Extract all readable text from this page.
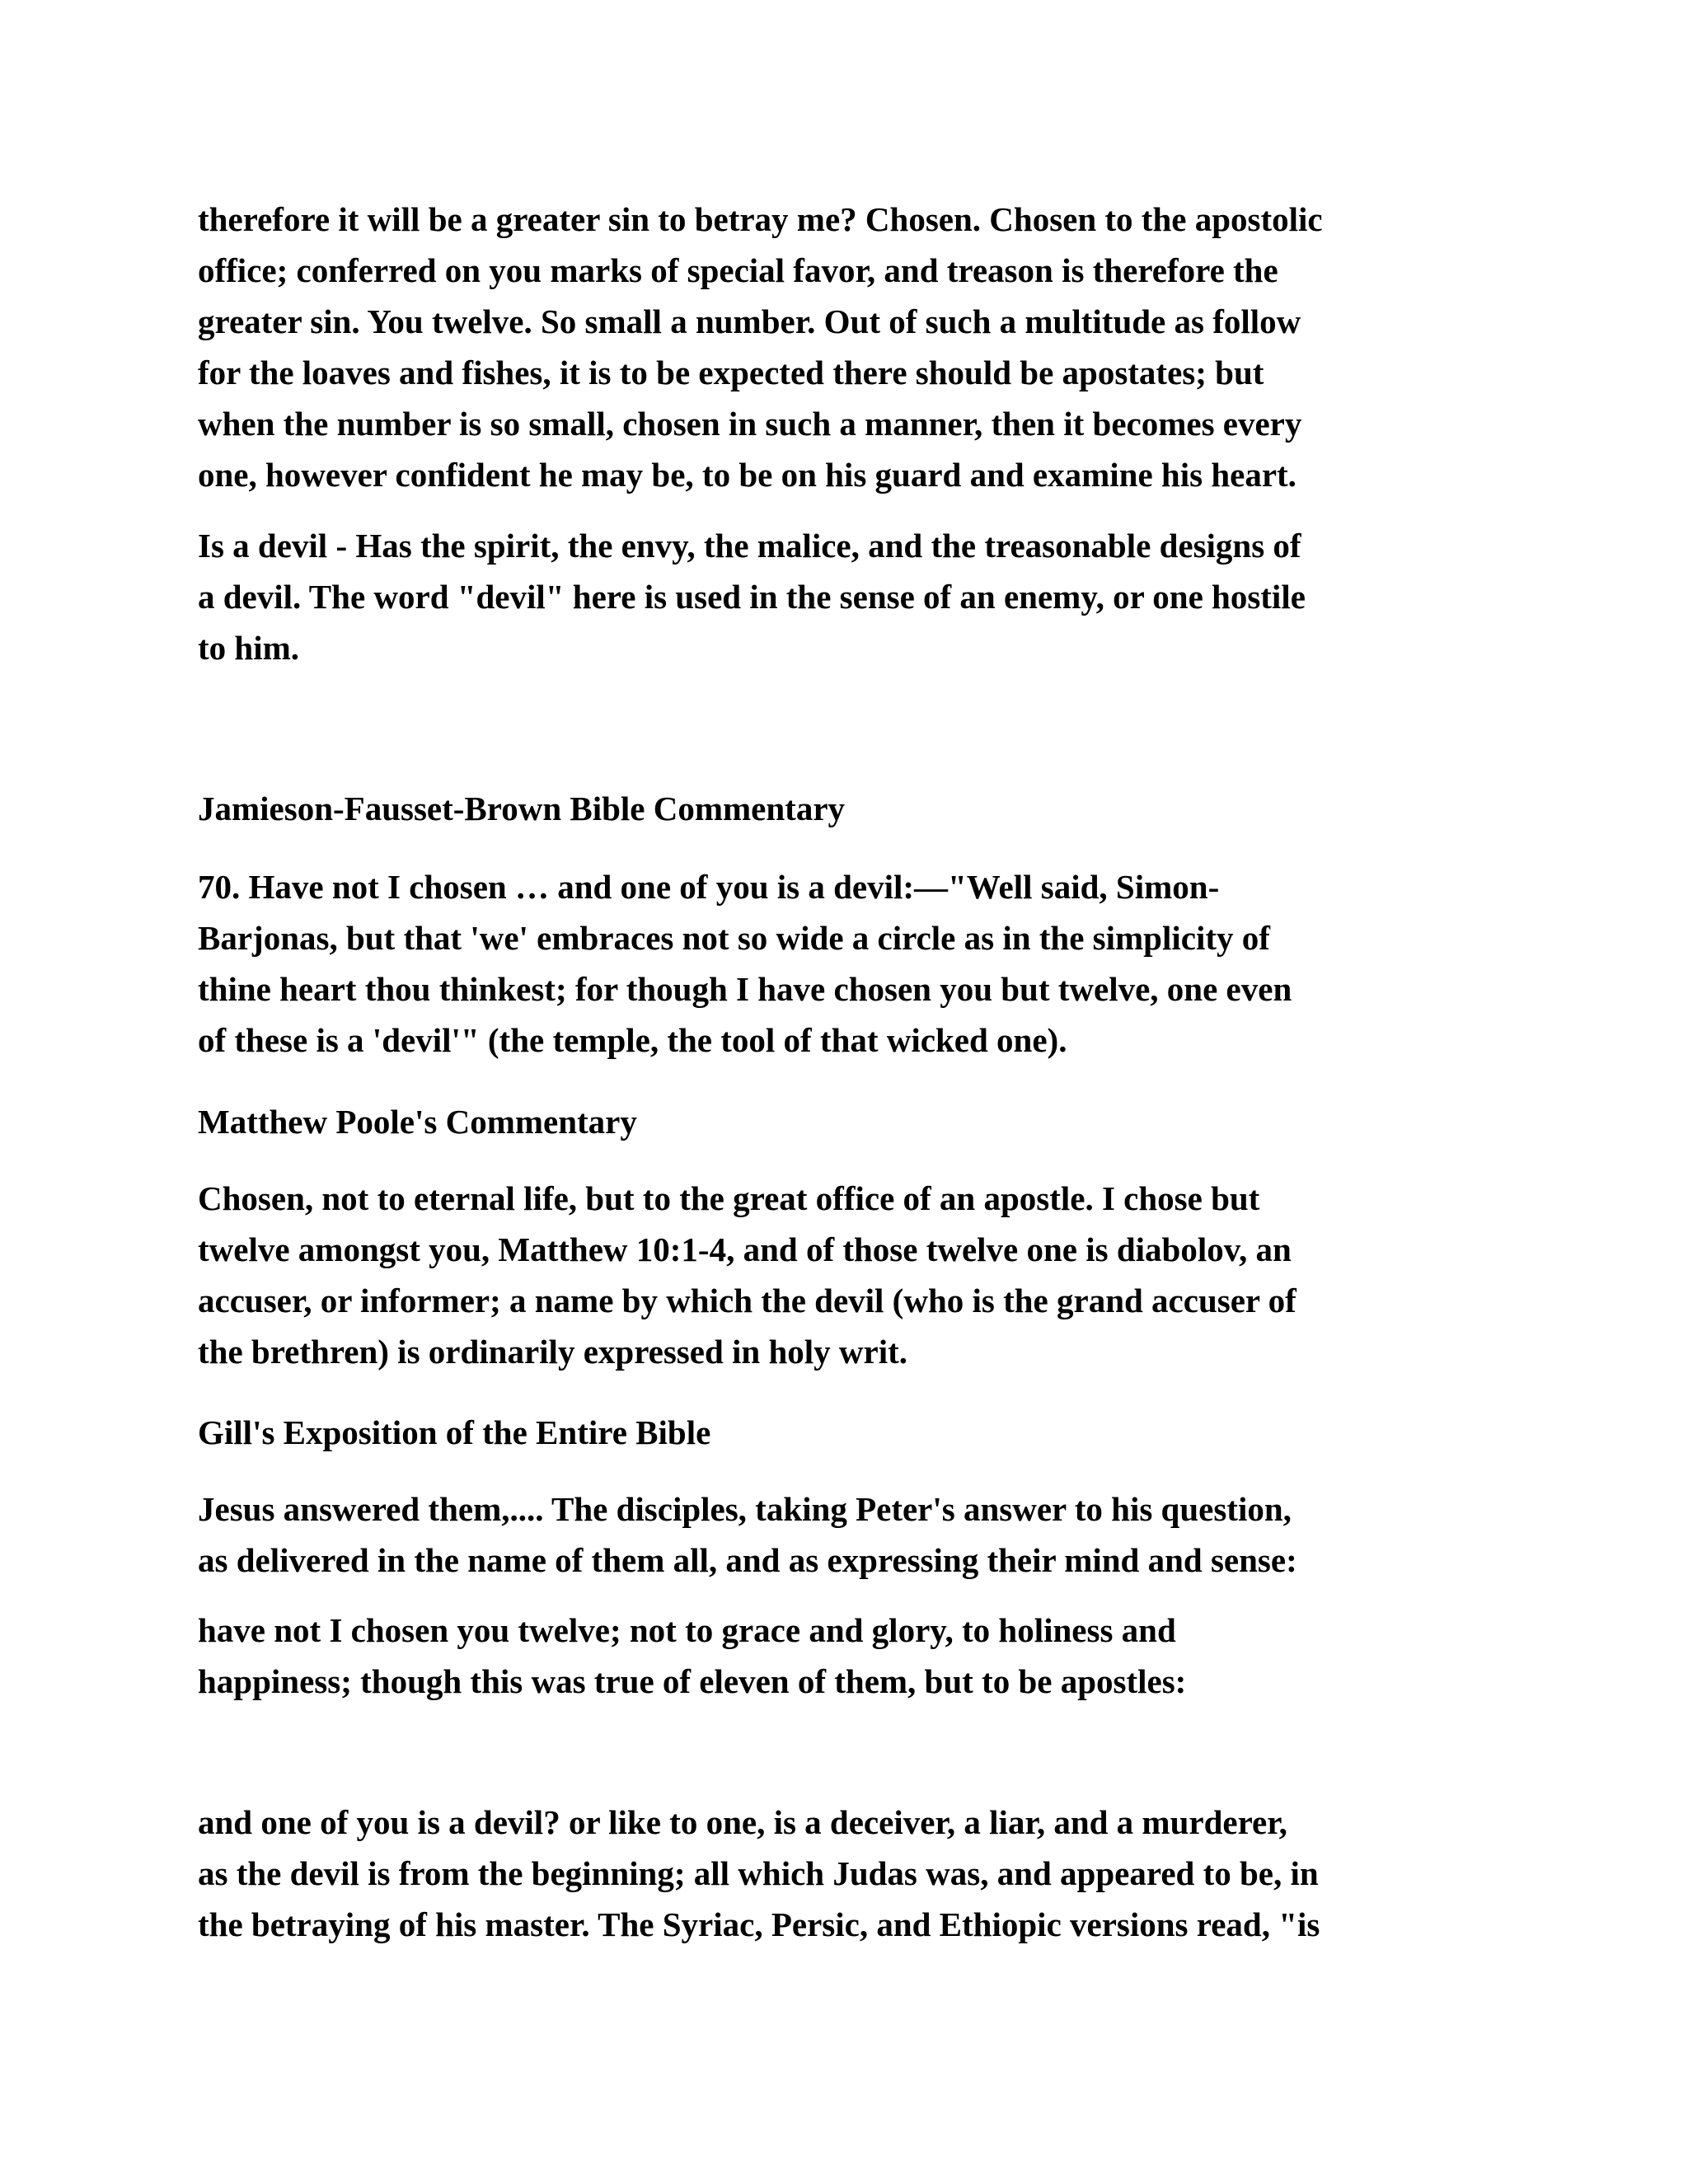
therefore it will be a greater sin to betray me? Chosen. Chosen to the apostolic
office; conferred on you marks of special favor, and treason is therefore the
greater sin. You twelve. So small a number. Out of such a multitude as follow
for the loaves and fishes, it is to be expected there should be apostates; but
when the number is so small, chosen in such a manner, then it becomes every
one, however confident he may be, to be on his guard and examine his heart.

Is a devil - Has the spirit, the envy, the malice, and the treasonable designs of
a devil. The word "devil" here is used in the sense of an enemy, or one hostile
to him.

Jamieson-Fausset-Brown Bible Commentary

70. Have not I chosen … and one of you is a devil:—"Well said, Simon-
Barjonas, but that 'we' embraces not so wide a circle as in the simplicity of
thine heart thou thinkest; for though I have chosen you but twelve, one even
of these is a 'devil'" (the temple, the tool of that wicked one).

Matthew Poole's Commentary

Chosen, not to eternal life, but to the great office of an apostle. I chose but
twelve amongst you, Matthew 10:1-4, and of those twelve one is diabolov, an
accuser, or informer; a name by which the devil (who is the grand accuser of
the brethren) is ordinarily expressed in holy writ.

Gill's Exposition of the Entire Bible

Jesus answered them,.... The disciples, taking Peter's answer to his question,
as delivered in the name of them all, and as expressing their mind and sense:

have not I chosen you twelve; not to grace and glory, to holiness and
happiness; though this was true of eleven of them, but to be apostles:

and one of you is a devil? or like to one, is a deceiver, a liar, and a murderer,
as the devil is from the beginning; all which Judas was, and appeared to be, in
the betraying of his master. The Syriac, Persic, and Ethiopic versions read, "is
